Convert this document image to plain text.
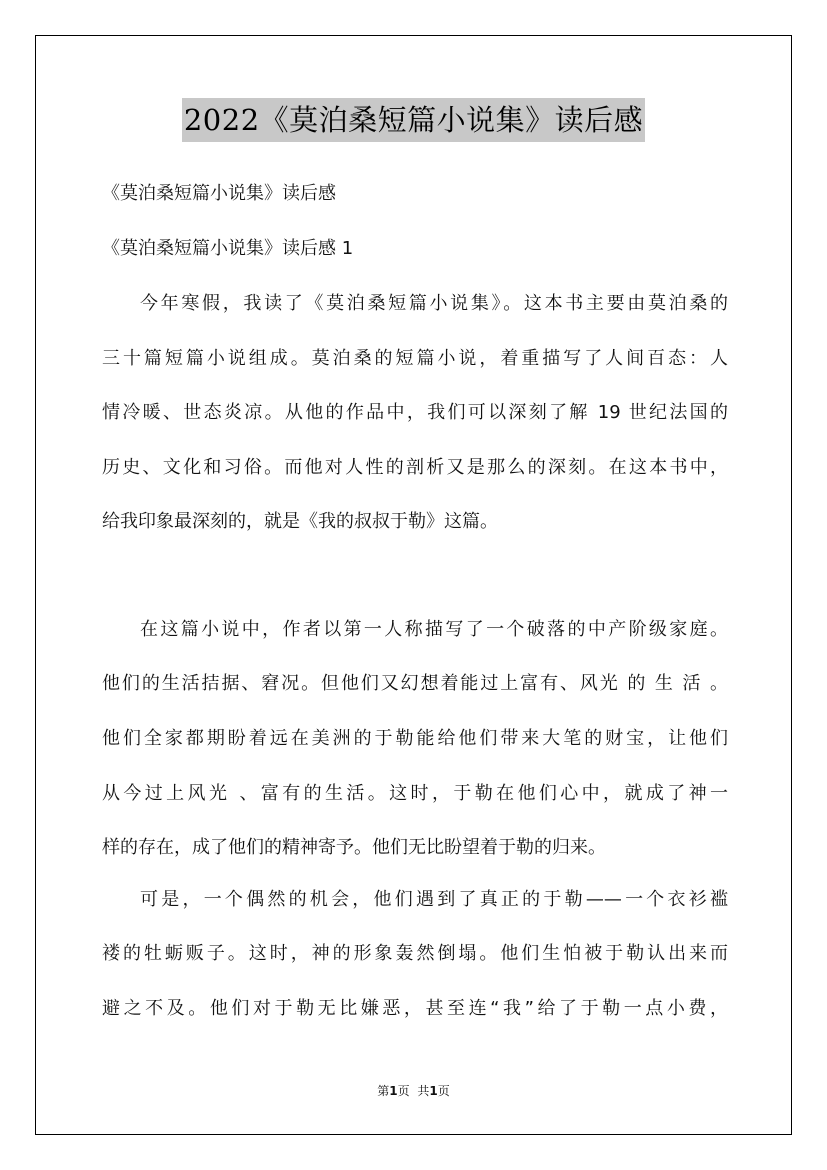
2022《莫泊桑短篇小说集》读后感

《莫泊桑短篇小说集》读后感

《莫泊桑短篇小说集》读后感 1

今年寒假，我读了《莫泊桑短篇小说集》。这本书主要由莫泊桑的

三十篇短篇小说组成。莫泊桑的短篇小说，着重描写了人间百态：人

情冷暖、世态炎凉。从他的作品中，我们可以深刻了解 19 世纪法国的

历史、文化和习俗。而他对人性的剖析又是那么的深刻。在这本书中，

给我印象最深刻的，就是《我的叔叔于勒》这篇。

在这篇小说中，作者以第一人称描写了一个破落的中产阶级家庭。

他们的生活拮据、窘况。但他们又幻想着能过上富有、风光 的 生 活 。

他们全家都期盼着远在美洲的于勒能给他们带来大笔的财宝，让他们

从今过上风光 、富有的生活。这时，于勒在他们心中，就成了神一

样的存在，成了他们的精神寄予。他们无比盼望着于勒的归来。

可是，一个偶然的机会，他们遇到了真正的于勒——一个衣衫褴

褛的牡蛎贩子。这时，神的形象轰然倒塌。他们生怕被于勒认出来而

避之不及。他们对于勒无比嫌恶，甚至连“我”给了于勒一点小费，

第1页 共1页
